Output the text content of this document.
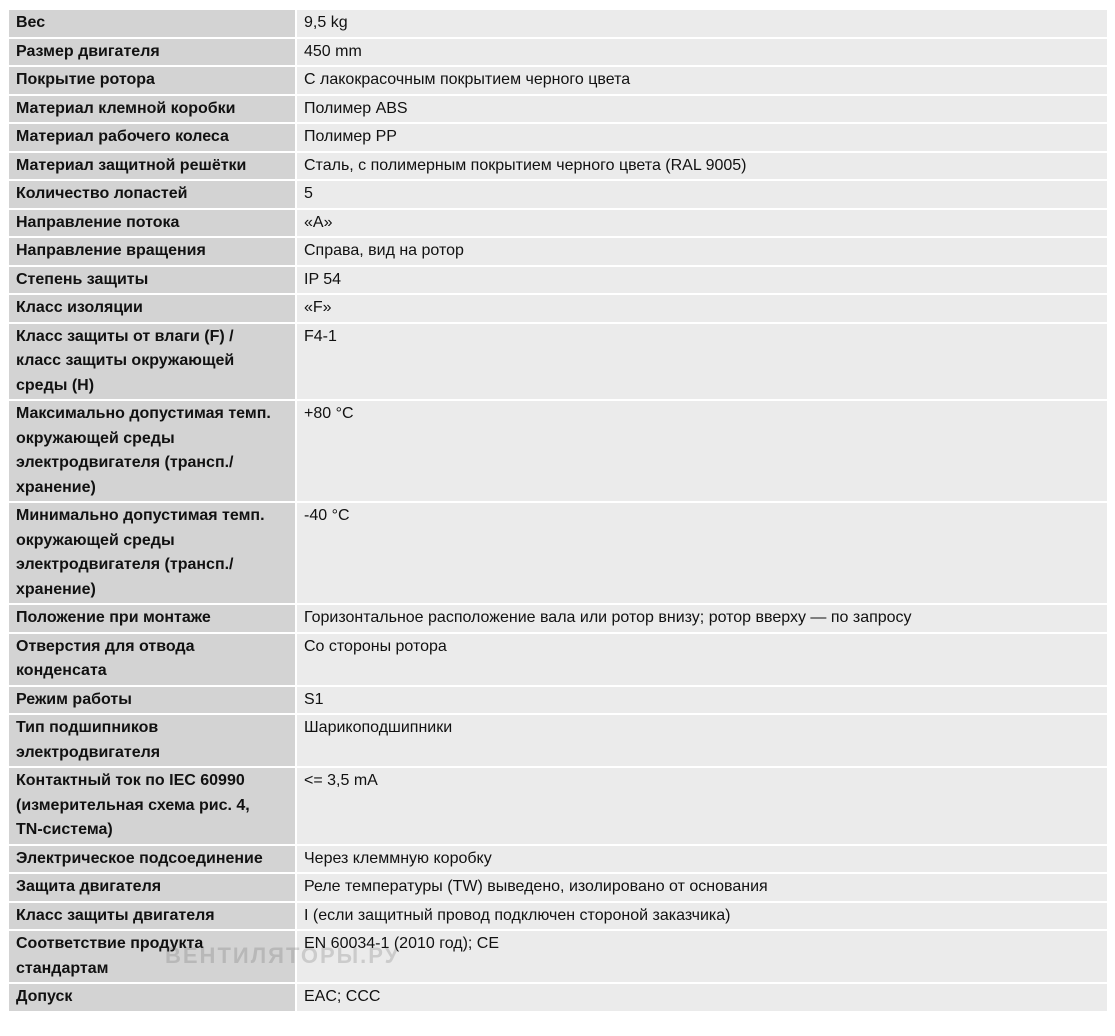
Вес		9,5 kg
Размер двигателя		450 mm
Покрытие ротора		С лакокрасочным покрытием черного цвета
Материал клемной коробки		Полимер ABS
Материал рабочего колеса		Полимер PP
Материал защитной решётки		Сталь, с полимерным покрытием черного цвета (RAL 9005)
Количество лопастей		5
Направление потока		«A»
Направление вращения		Справа, вид на ротор
Степень защиты		IP 54
Класс изоляции		«F»
Класс защиты от влаги (F) /
класс защиты окружающей
среды (H)		F4-1
Максимально допустимая темп.
окружающей среды
электродвигателя (трансп./
хранение)		+80 °C
Минимально допустимая темп.
окружающей среды
электродвигателя (трансп./
хранение)		-40 °C
Положение при монтаже		Горизонтальное расположение вала или ротор внизу; ротор вверху — по запросу
Отверстия для отвода
конденсата		Со стороны ротора
Режим работы		S1
Тип подшипников
электродвигателя		Шарикоподшипники
Контактный ток по IEC 60990
(измерительная схема рис. 4,
TN-система)		<= 3,5 mA
Электрическое подсоединение		Через клеммную коробку
Защита двигателя		Реле температуры (TW) выведено, изолировано от основания
Класс защиты двигателя		I (если защитный провод подключен стороной заказчика)
Соответствие продукта
стандартам		EN 60034-1 (2010 год); CE
Допуск		EAC; CCC
ВЕНТИЛЯТОРЫ.РУ
